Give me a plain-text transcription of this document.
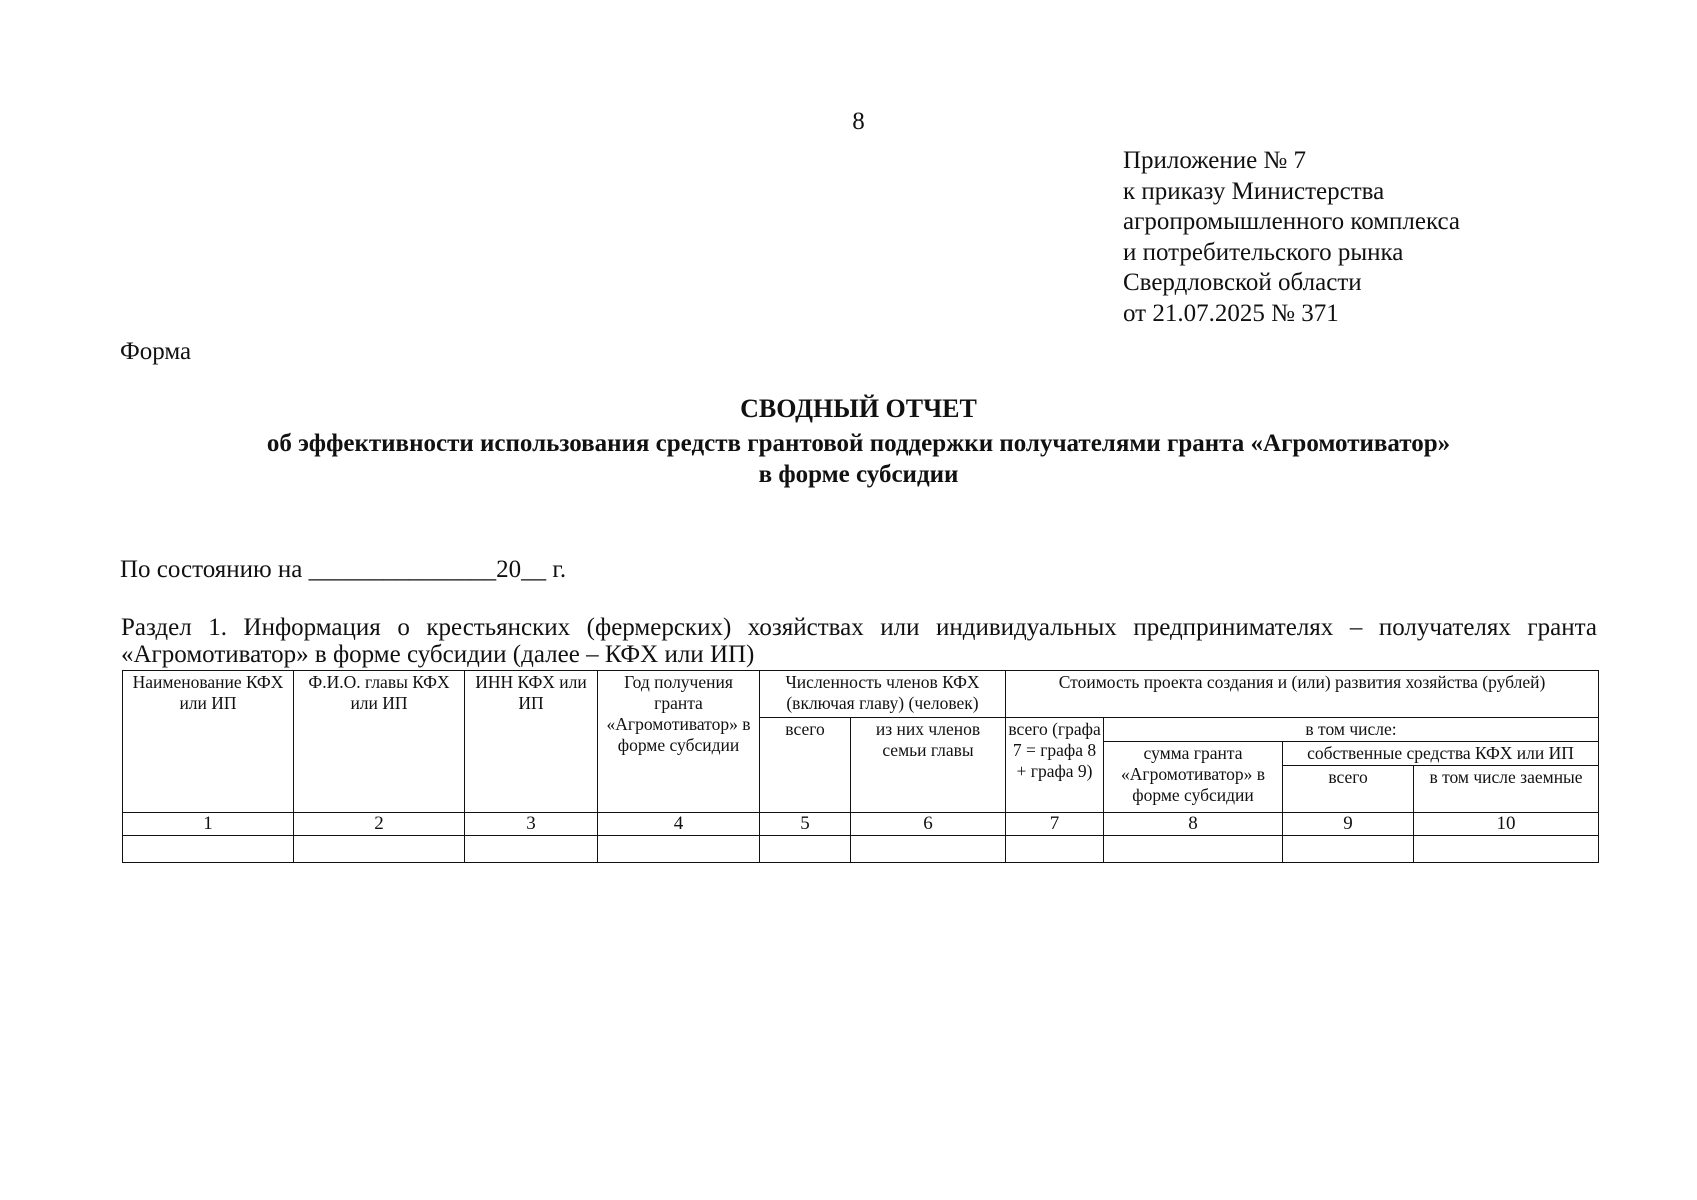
8
Приложение № 7
к приказу Министерства
агропромышленного комплекса
и потребительского рынка
Свердловской области
от 21.07.2025 № 371
Форма
СВОДНЫЙ ОТЧЕТ
об эффективности использования средств грантовой поддержки получателями гранта «Агромотиватор»
в форме субсидии
По состоянию на _______________20__ г.
Раздел 1. Информация о крестьянских (фермерских) хозяйствах или индивидуальных предпринимателях – получателях гранта «Агромотиватор» в форме субсидии (далее – КФХ или ИП)
Наименование КФХ или ИП	Ф.И.О. главы КФХ или ИП	ИНН КФХ или ИП	Год получения гранта «Агромотиватор» в форме субсидии	Численность членов КФХ (включая главу) (человек)		Стоимость проекта создания и (или) развития хозяйства (рублей)			
				всего	из них членов семьи главы	всего (графа 7 = графа 8 + графа 9)	в том числе:		
							сумма гранта «Агромотиватор» в форме субсидии	собственные средства КФХ или ИП	
								всего	в том числе заемные
1	2	3	4	5	6	7	8	9	10
